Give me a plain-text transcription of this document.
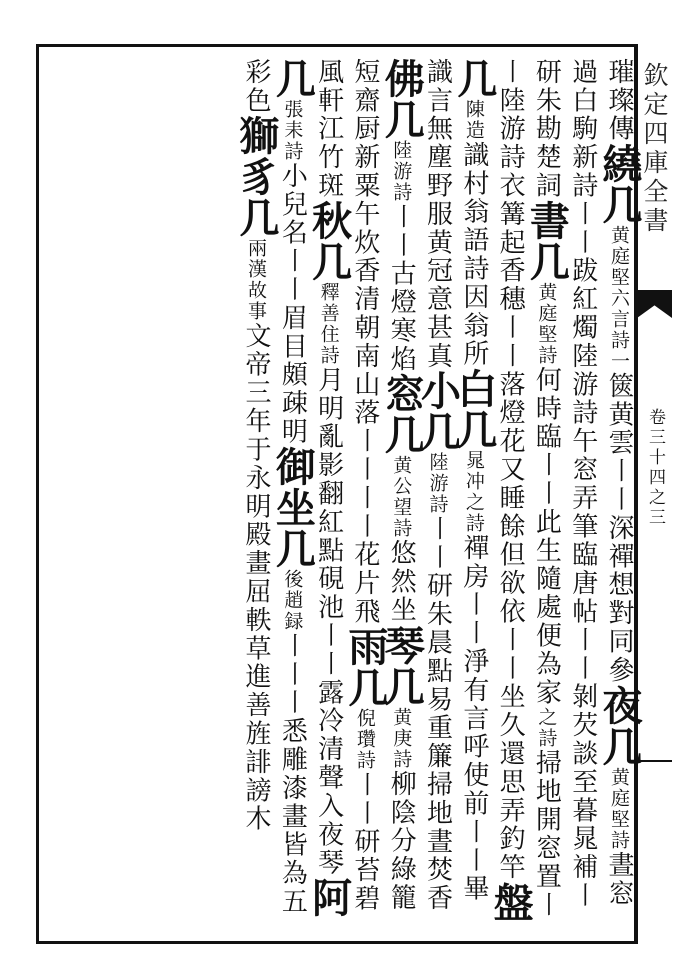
欽定四庫全書
卷三十四之三
璀璨傳繞几黄庭堅六言詩一篋黄雲〡〡深禪想對同參夜几黄庭堅詩晝窓過白駒新詩〡〡跋紅燭陸游詩午窓弄筆臨唐帖〡〡剝芡談至暮晁補〡研朱勘楚詞書几黄庭堅詩何時臨〡〡此生隨處便為家之詩掃地開窓置〡〡陸游詩衣篝起香穗〡〡落燈花又睡餘但欲依〡〡坐久還思弄釣竿盤几陳造識村翁語詩因翁所白几晁冲之詩禪房〡〡淨有言呼使前〡〡畢識言無塵野服黄冠意甚真小几陸游詩〡〡研朱晨點易重簾掃地晝焚香佛几陸游詩〡〡古燈寒焰窓几黄公望詩悠然坐琴几黄庚詩柳陰分綠籠短齋厨新粟午炊香清朝南山落〡〡〡〡花片飛雨几倪瓚詩〡〡研苔碧風軒江竹斑秋几釋善住詩月明亂影翻紅點硯池〡〡露冷清聲入夜琴阿几張耒詩小兒名〡〡眉目頗疎明御坐几後趙録〡〡〡悉雕漆畫皆為五彩色獅豸几兩漢故事文帝三年于永明殿畫屈軼草進善旌誹謗木
